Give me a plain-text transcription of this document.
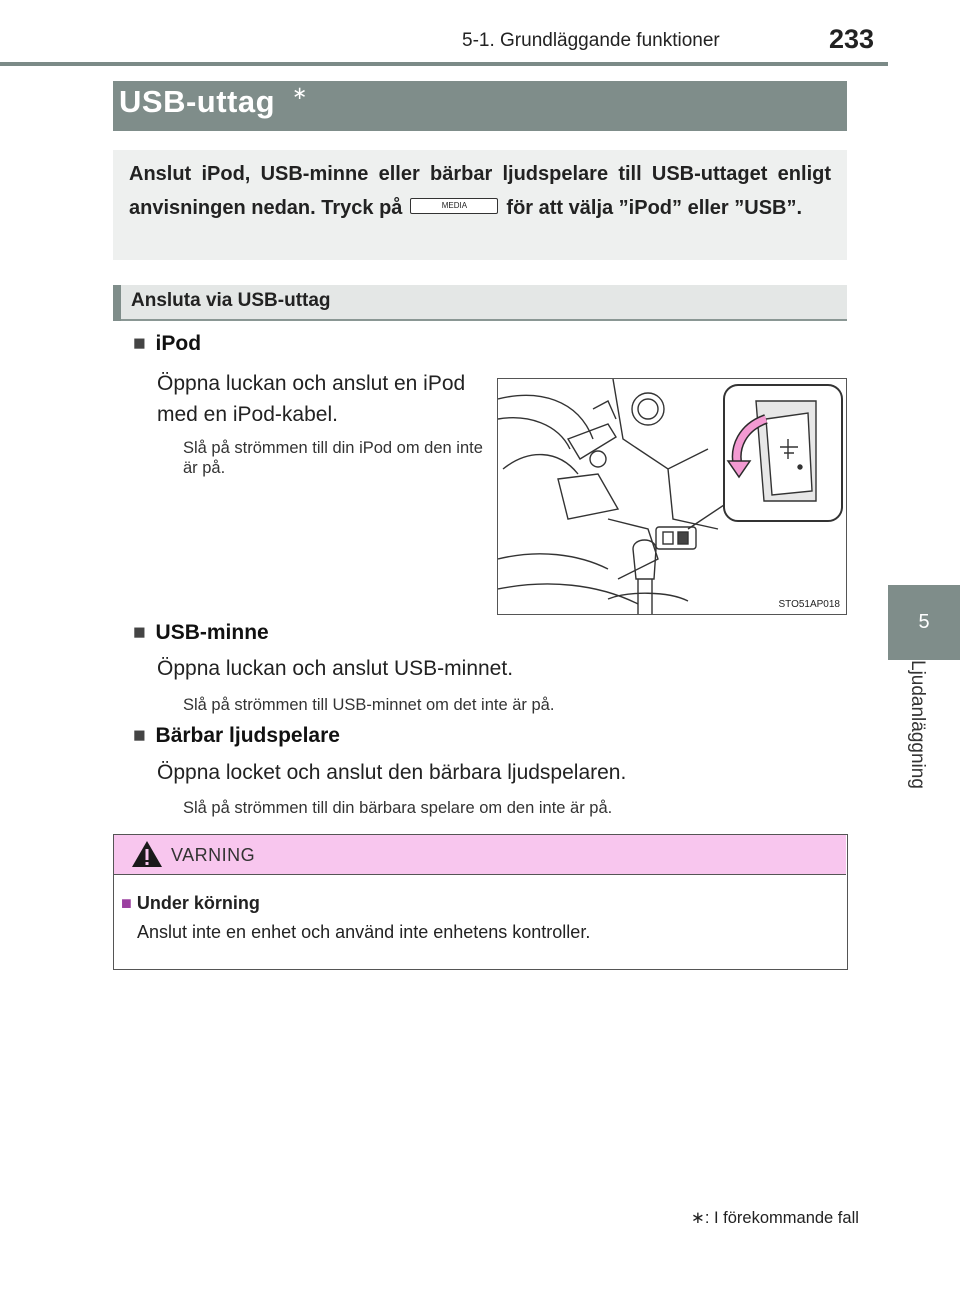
5-1. Grundläggande funktioner	233
5
Ljudanläggning
USB-uttag ∗
Anslut iPod, USB-minne eller bärbar ljudspelare till USB-uttaget enligt anvisningen nedan. Tryck på	MEDIA för att välja ”iPod” eller ”USB”.
Ansluta via USB-uttag
■ iPod
Öppna luckan och anslut en iPod med en iPod-kabel.
Slå på strömmen till din iPod om den inte är på.
STO51AP018
■ USB-minne
Öppna luckan och anslut USB-minnet.
Slå på strömmen till USB-minnet om det inte är på.
■ Bärbar ljudspelare
Öppna locket och anslut den bärbara ljudspelaren.
Slå på strömmen till din bärbara spelare om den inte är på.
VARNING
■ Under körning
Anslut inte en enhet och använd inte enhetens kontroller.
∗: I förekommande fall
